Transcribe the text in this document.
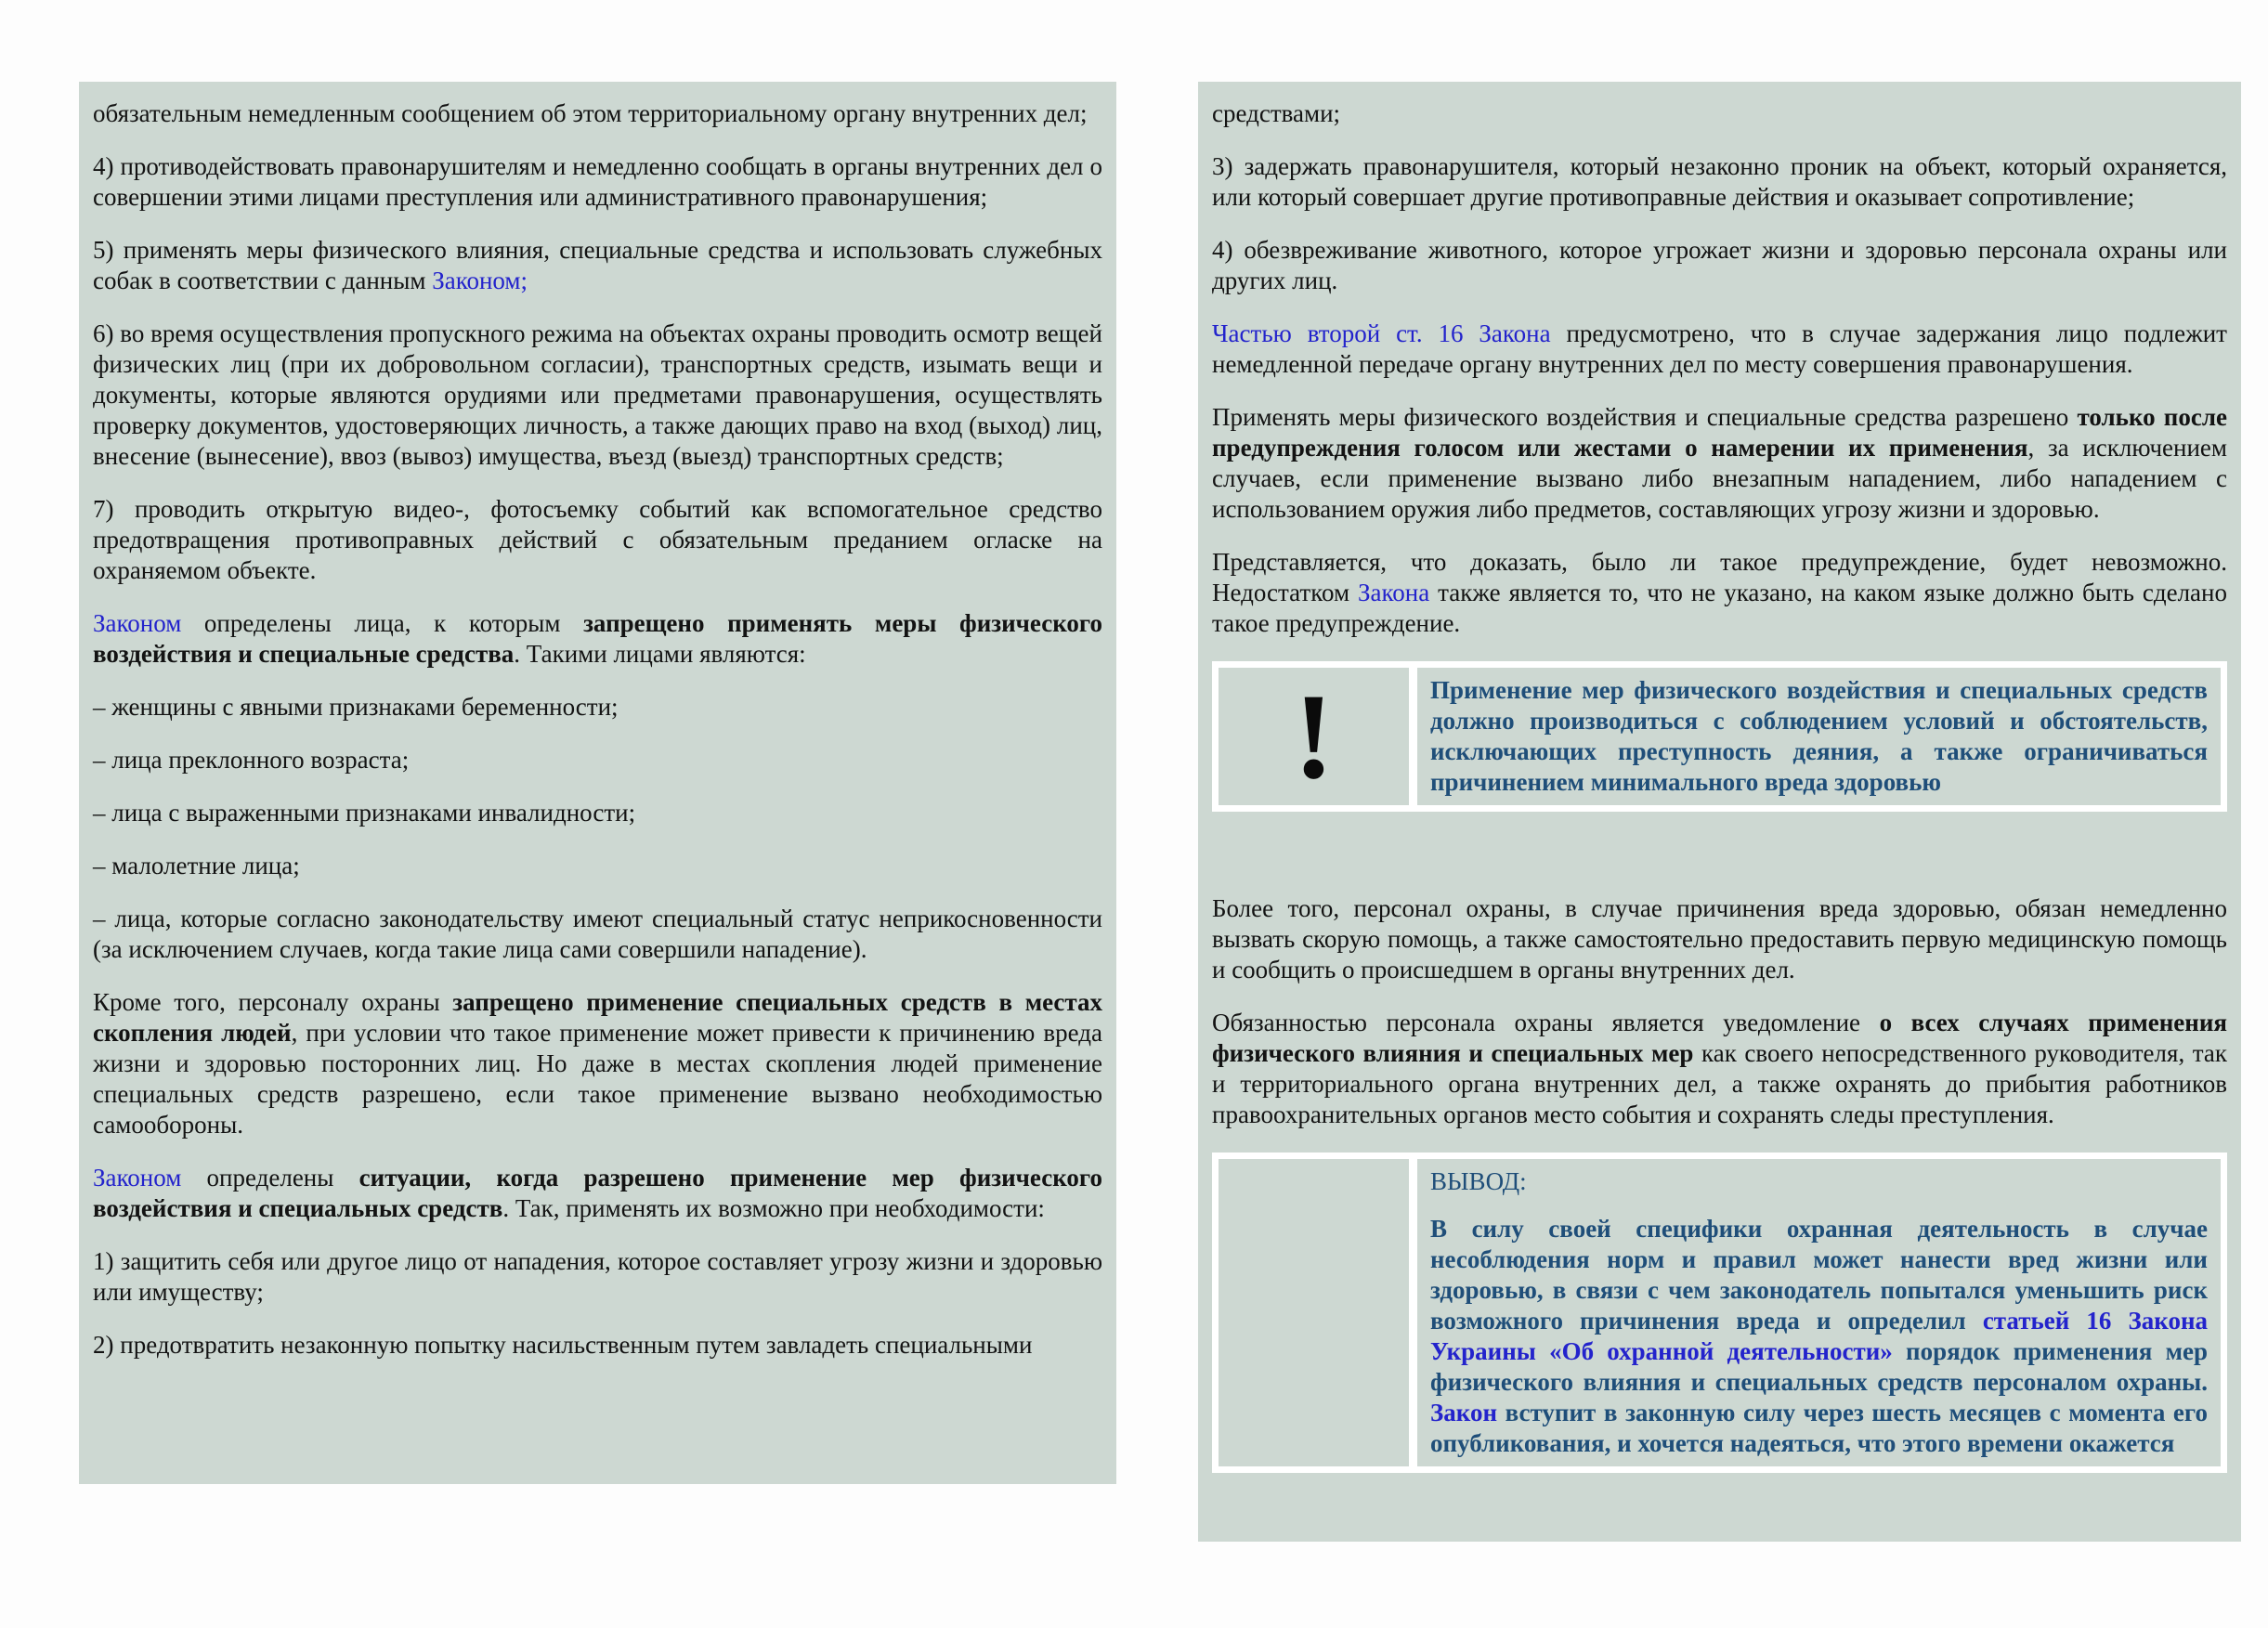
обязательным немедленным сообщением об этом территориальному органу внутренних дел;

4) противодействовать правонарушителям и немедленно сообщать в органы внутренних дел о совершении этими лицами преступления или административного правонарушения;

5) применять меры физического влияния, специальные средства и использовать служебных собак в соответствии с данным Законом;

6) во время осуществления пропускного режима на объектах охраны проводить осмотр вещей физических лиц (при их добровольном согласии), транспортных средств, изымать вещи и документы, которые являются орудиями или предметами правонарушения, осуществлять проверку документов, удостоверяющих личность, а также дающих право на вход (выход) лиц, внесение (вынесение), ввоз (вывоз) имущества, въезд (выезд) транспортных средств;

7) проводить открытую видео-, фотосъемку событий как вспомогательное средство предотвращения противоправных действий с обязательным преданием огласке на охраняемом объекте.

Законом определены лица, к которым запрещено применять меры физического воздействия и специальные средства. Такими лицами являются:

– женщины с явными признаками беременности;

– лица преклонного возраста;

– лица с выраженными признаками инвалидности;

– малолетние лица;

– лица, которые согласно законодательству имеют специальный статус неприкосновенности (за исключением случаев, когда такие лица сами совершили нападение).

Кроме того, персоналу охраны запрещено применение специальных средств в местах скопления людей, при условии что такое применение может привести к причинению вреда жизни и здоровью посторонних лиц. Но даже в местах скопления людей применение специальных средств разрешено, если такое применение вызвано необходимостью самообороны.

Законом определены ситуации, когда разрешено применение мер физического воздействия и специальных средств. Так, применять их возможно при необходимости:

1) защитить себя или другое лицо от нападения, которое составляет угрозу жизни и здоровью или имуществу;

2) предотвратить незаконную попытку насильственным путем завладеть специальными

средствами;

3) задержать правонарушителя, который незаконно проник на объект, который охраняется, или который совершает другие противоправные действия и оказывает сопротивление;

4) обезвреживание животного, которое угрожает жизни и здоровью персонала охраны или других лиц.

Частью второй ст. 16 Закона предусмотрено, что в случае задержания лицо подлежит немедленной передаче органу внутренних дел по месту совершения правонарушения.

Применять меры физического воздействия и специальные средства разрешено только после предупреждения голосом или жестами о намерении их применения, за исключением случаев, если применение вызвано либо внезапным нападением, либо нападением с использованием оружия либо предметов, составляющих угрозу жизни и здоровью.

Представляется, что доказать, было ли такое предупреждение, будет невозможно. Недостатком Закона также является то, что не указано, на каком языке должно быть сделано такое предупреждение.

!	Применение мер физического воздействия и специальных средств должно производиться с соблюдением условий и обстоятельств, исключающих преступность деяния, а также ограничиваться причинением минимального вреда здоровью

Более того, персонал охраны, в случае причинения вреда здоровью, обязан немедленно вызвать скорую помощь, а также самостоятельно предоставить первую медицинскую помощь и сообщить о происшедшем в органы внутренних дел.

Обязанностью персонала охраны является уведомление о всех случаях применения физического влияния и специальных мер как своего непосредственного руководителя, так и территориального органа внутренних дел, а также охранять до прибытия работников правоохранительных органов место события и сохранять следы преступления.

ВЫВОД:

В силу своей специфики охранная деятельность в случае несоблюдения норм и правил может нанести вред жизни или здоровью, в связи с чем законодатель попытался уменьшить риск возможного причинения вреда и определил статьей 16 Закона Украины «Об охранной деятельности» порядок применения мер физического влияния и специальных средств персоналом охраны. Закон вступит в законную силу через шесть месяцев с момента его опубликования, и хочется надеяться, что этого времени окажется
